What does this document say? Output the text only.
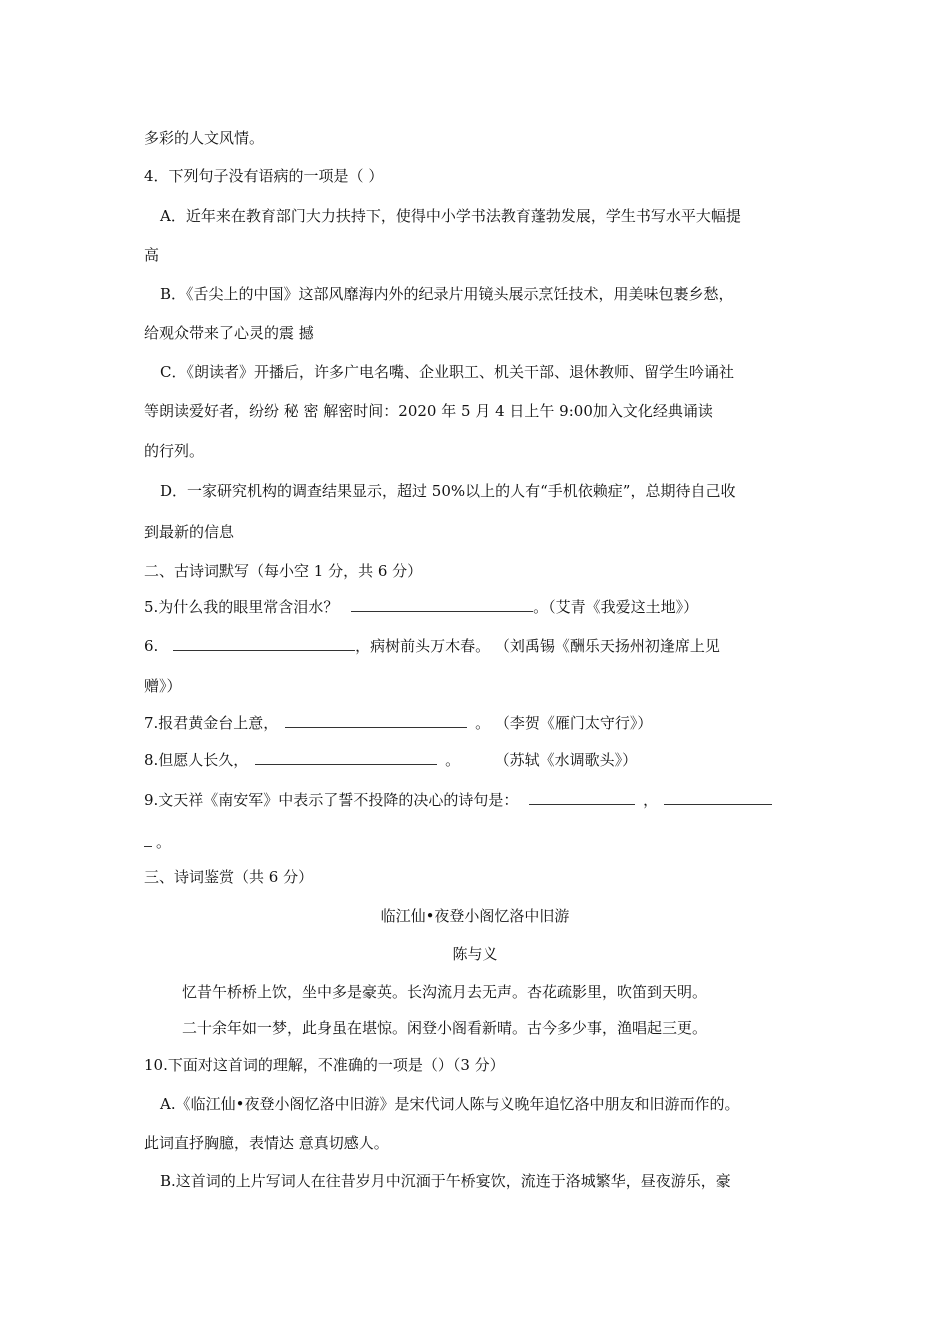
多彩的人文风情。
4．下列句子没有语病的一项是（ ）
A．近年来在教育部门大力扶持下，使得中小学书法教育蓬勃发展，学生书写水平大幅提
高
B．《舌尖上的中国》这部风靡海内外的纪录片用镜头展示烹饪技术，用美味包裹乡愁，
给观众带来了心灵的震 撼
C．《朗读者》开播后，许多广电名嘴、企业职工、机关干部、退休教师、留学生吟诵社
等朗读爱好者，纷纷 秘 密 解密时间：2020 年 5 月 4 日上午 9:00加入文化经典诵读
的行列。
D．一家研究机构的调查结果显示，超过 50%以上的人有“手机依赖症”，总期待自己收
到最新的信息
二、古诗词默写（每小空 1 分，共 6 分）
5.为什么我的眼里常含泪水？	。（艾青《我爱这土地》）
6.	，病树前头万木春。 （刘禹锡《酬乐天扬州初逢席上见
赠》）
7.报君黄金台上意，	。 （李贺《雁门太守行》）
8.但愿人长久，	。	（苏轼《水调歌头》）
9.文天祥《南安军》中表示了誓不投降的决心的诗句是：	，
。
三、诗词鉴赏（共 6 分）
临江仙•夜登小阁忆洛中旧游
陈与义
忆昔午桥桥上饮，坐中多是豪英。长沟流月去无声。杏花疏影里，吹笛到天明。
二十余年如一梦，此身虽在堪惊。闲登小阁看新晴。古今多少事，渔唱起三更。
10.下面对这首词的理解，不准确的一项是（）（3 分）
A.《临江仙•夜登小阁忆洛中旧游》是宋代词人陈与义晚年追忆洛中朋友和旧游而作的。
此词直抒胸臆，表情达 意真切感人。
B.这首词的上片写词人在往昔岁月中沉湎于午桥宴饮，流连于洛城繁华，昼夜游乐，豪
